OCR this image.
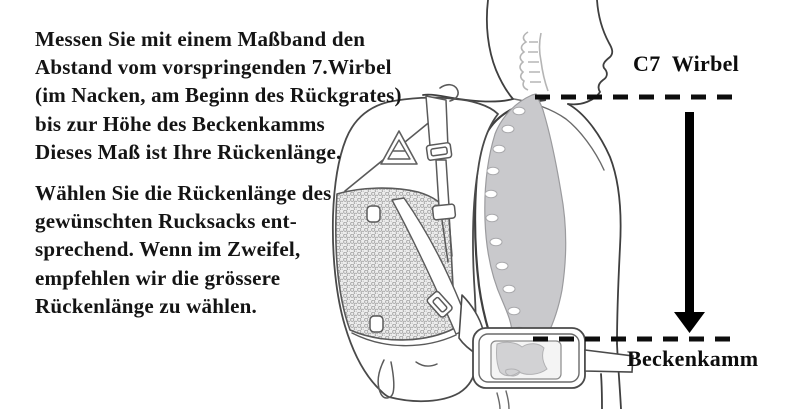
Messen Sie mit einem Maßband den
Abstand vom vorspringenden 7.Wirbel
(im Nacken, am Beginn des Rückgrates)
bis zur Höhe des Beckenkamms
Dieses Maß ist Ihre Rückenlänge.
Wählen Sie die Rückenlänge des
gewünschten Rucksacks ent-
sprechend. Wenn im Zweifel,
empfehlen wir die grössere
Rückenlänge zu wählen.
C7  Wirbel
Beckenkamm
